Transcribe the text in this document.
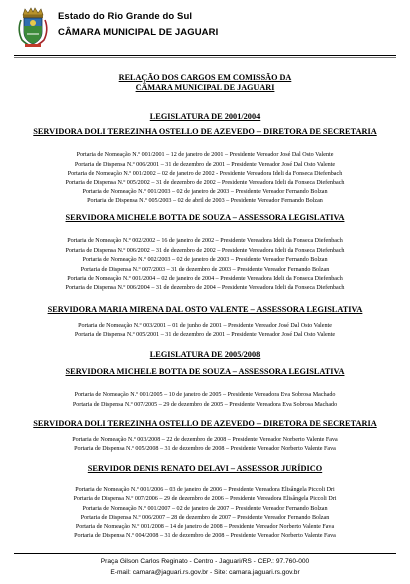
Estado do Rio Grande do Sul
CÂMARA MUNICIPAL DE JAGUARI
RELAÇÃO DOS CARGOS EM COMISSÃO DA
CÂMARA MUNICIPAL DE JAGUARI
LEGISLATURA DE 2001/2004
SERVIDORA DOLI TEREZINHA OSTELLO DE AZEVEDO – DIRETORA DE SECRETARIA
Portaria de Nomeação N.º 001/2001 – 12 de janeiro de 2001 – Presidente Vereador José Dal Osto Valente
Portaria de Dispensa N.º 006/2001 – 31 de dezembro de 2001 – Presidente Vereador José Dal Osto Valente
Portaria de Nomeação N.º 001/2002 – 02 de janeiro de 2002 - Presidente Vereadora Ideli da Fonseca Diefenbach
Portaria de Dispensa N.º 005/2002 – 31 de dezembro de 2002 – Presidente Vereadora Ideli da Fonseca Diefenbach
Portaria de Nomeação N.º 001/2003 – 02 de janeiro de 2003 – Presidente Vereador Fernando Bolzan
Portaria de Dispensa N.º 005/2003 – 02 de abril de 2003 – Presidente Vereador Fernando Bolzan
SERVIDORA MICHELE BOTTA DE SOUZA – ASSESSORA LEGISLATIVA
Portaria de Nomeação N.º 002/2002 – 16 de janeiro de 2002 – Presidente Vereadora Ideli da Fonseca Diefenbach
Portaria de Dispensa N.º 006/2002 – 31 de dezembro de 2002 – Presidente Vereadora Ideli da Fonseca Diefenbach
Portaria de Nomeação N.º 002/2003 – 02 de janeiro de 2003 – Presidente Vereador Fernando Bolzan
Portaria de Dispensa N.º 007/2003 – 31 de dezembro de 2003 – Presidente Vereador Fernando Bolzan
Portaria de Nomeação N.º 001/2004 – 02 de janeiro de 2004 – Presidente Vereadora Ideli da Fonseca Diefenbach
Portaria de Dispensa N.º 006/2004 – 31 de dezembro de 2004 – Presidente Vereadora Ideli da Fonseca Diefenbach
SERVIDORA MARIA MIRENA DAL OSTO VALENTE – ASSESSORA LEGISLATIVA
Portaria de Nomeação N.º 003/2001 – 01 de junho de 2001 – Presidente Vereador José Dal Osto Valente
Portaria de Dispensa N.º 005/2001 – 31 de dezembro de 2001 – Presidente Vereador José Dal Osto Valente
LEGISLATURA DE 2005/2008
SERVIDORA MICHELE BOTTA DE SOUZA – ASSESSORA LEGISLATIVA
Portaria de Nomeação N.º 001/2005 – 10 de janeiro de 2005 – Presidente Vereadora Eva Sobrosa Machado
Portaria de Dispensa N.º 007/2005 – 29 de dezembro de 2005 – Presidente Vereadora Eva Sobrosa Machado
SERVIDORA DOLI TEREZINHA OSTELLO DE AZEVEDO – DIRETORA DE SECRETARIA
Portaria de Nomeação N.º 003/2008 – 22 de dezembro de 2008 – Presidente Vereador Norberto Valente Fava
Portaria de Dispensa N.º 005/2008 – 31 de dezembro de 2008 – Presidente Vereador Norberto Valente Fava
SERVIDOR DENIS RENATO DELAVI – ASSESSOR JURÍDICO
Portaria de Nomeação N.º 001/2006 – 03 de janeiro de 2006 – Presidente Vereadora Elisângela Piccoli Dri
Portaria de Dispensa N.º 007/2006 – 29 de dezembro de 2006 – Presidente Vereadora Elisângela Piccoli Dri
Portaria de Nomeação N.º 001/2007 – 02 de janeiro de 2007 – Presidente Vereador Fernando Bolzan
Portaria de Dispensa N.º 006/2007 – 28 de dezembro de 2007 – Presidente Vereador Fernando Bolzan
Portaria de Nomeação N.º 001/2008 – 14 de janeiro de 2008 – Presidente Vereador Norberto Valente Fava
Portaria de Dispensa N.º 004/2008 – 31 de dezembro de 2008 – Presidente Vereador Norberto Valente Fava
Praça Gilson Carlos Reginato - Centro - Jaguari/RS - CEP.: 97.760-000
E-mail: camara@jaguari.rs.gov.br - Site: camara.jaguari.rs.gov.br
